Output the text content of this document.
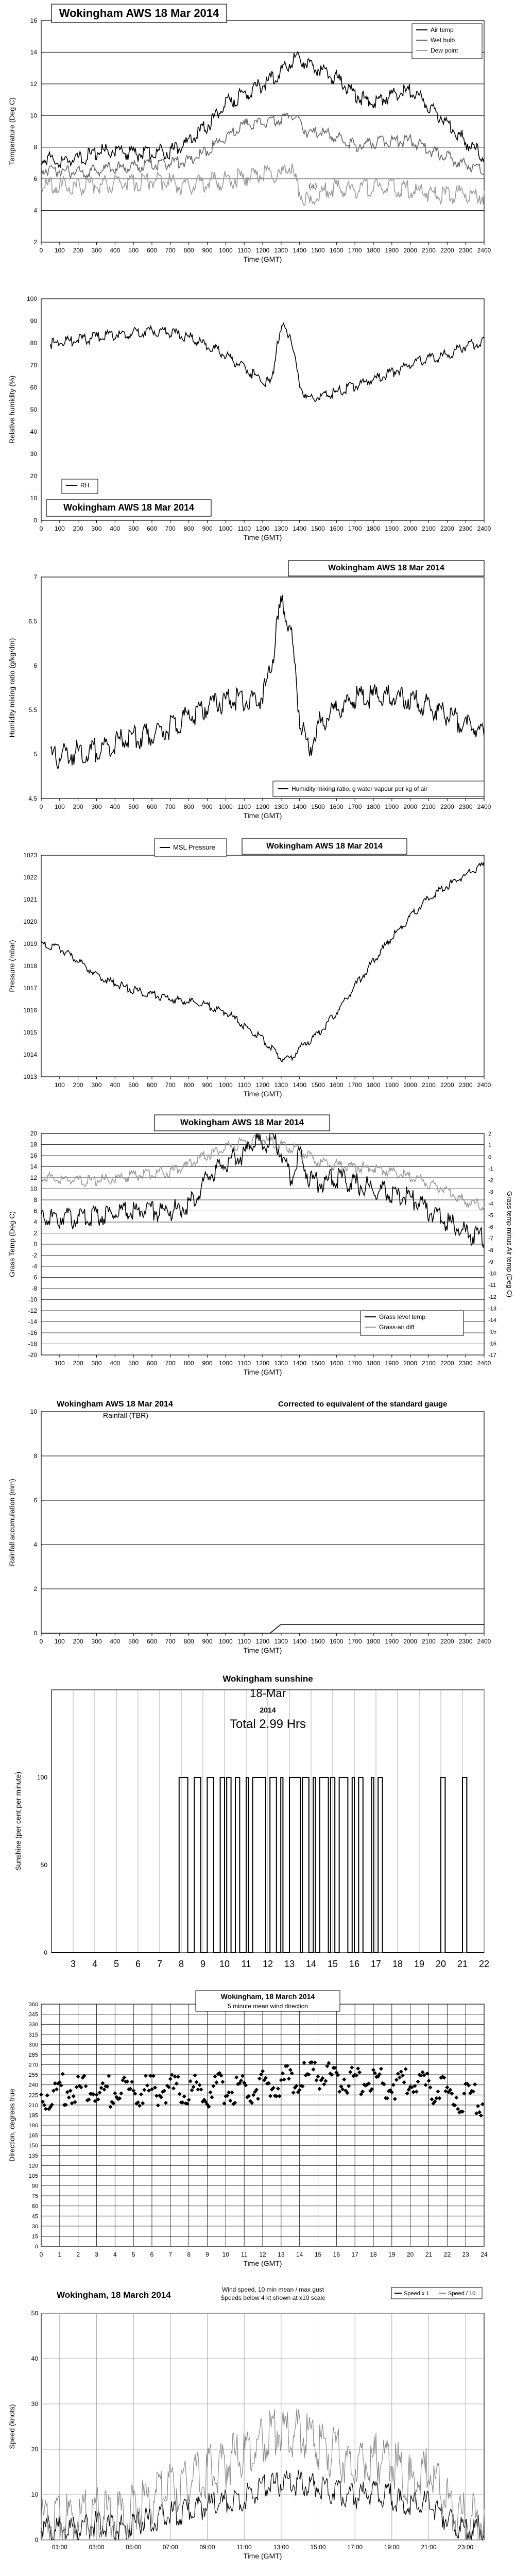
2
4
6
8
10
12
14
16
0 100 200 300 400 500 600 700 800 900 1000 1100 1200 1300 1400 1500 1600 1700 1800 1900 2000 2100 2200 2300 2400
Time (GMT)
Temperature (Deg C)
Wokingham AWS 18 Mar 2014
Air temp
Wet bulb
Dew point
(a)
0
10
20
30
40
50
60
70
80
90
100
0 100 200 300 400 500 600 700 800 900 1000 1100 1200 1300 1400 1500 1600 1700 1800 1900 2000 2100 2200 2300 2400
Time (GMT)
Relative humidity (%)
RH
Wokingham AWS 18 Mar 2014
4.5
5
5.5
6
6.5
7
0 100 200 300 400 500 600 700 800 900 1000 1100 1200 1300 1400 1500 1600 1700 1800 1900 2000 2100 2200 2300 2400
Time (GMT)
Humidity mixing ratio (g/kg/dm)
Wokingham AWS 18 Mar 2014
Humidity mixing ratio, g water vapour per kg of air
1013
1014
1015
1016
1017
1018
1019
1020
1021
1022
1023
100 200 300 400 500 600 700 800 900 1000 1100 1200 1300 1400 1500 1600 1700 1800 1900 2000 2100 2200 2300 2400
Time (GMT)
Pressure (mbar)
MSL Pressure	Wokingham AWS 18 Mar 2014
20
18
16
14
12
10
8
6
4
2
0
-2
-4
-6
-8
-10
-12
-14
-16
-18
-20
100 200 300 400 500 600 700 800 900 1000 1100 1200 1300 1400 1500 1600 1700 1800 1900 2000 2100 2200 2300 2400
Time (GMT)
Grass Temp (Deg C)
2
1
0
-1
-2
-3
-4
-5
-6
-7
-8
-9
-10
-11
-12
-13
-14
-15
-16
-17
Grass temp minus Air temp (Deg C)
Wokingham AWS 18 Mar 2014
Grass level temp
Grass-air diff
0
2
4
6
8
10
0 100 200 300 400 500 600 700 800 900 1000 1100 1200 1300 1400 1500 1600 1700 1800 1900 2000 2100 2200 2300 2400
Time (GMT)
Rainfall accumulation (mm)
Wokingham AWS 18 Mar 2014
Rainfall (TBR)
Corrected to equivalent of the standard gauge
3 4 5 6 7 8 9 10 11 12 13 14 15 16 17 18 19 20 21 22
0
50
100
Sunshine (per cent per minute)
Wokingham sunshine
18-Mar
2014
Total 2.99 Hrs
0
15
30
45
60
75
90
105
120
135
150
165
180
195
210
225
240
255
270
285
300
315
330
345
360
0 1 2 3 4 5 6 7 8 9 10 11 12 13 14 15 16 17 18 19 20 21 22 23 24
Time (GMT)
Direction, degrees true
Wokingham, 18 March 2014
5 minute mean wind direction
0
10
20
30
40
50
01:00	03:00	05:00	07:00	09:00	11:00	13:00	15:00	17:00	19:00	21:00	23:00
Time (GMT)
Speed (knots)
Wokingham, 18 March 2014
Wind speed, 10 min mean / max gust
Speeds below 4 kt shown at x10 scale
Speed x 1	Speed / 10
